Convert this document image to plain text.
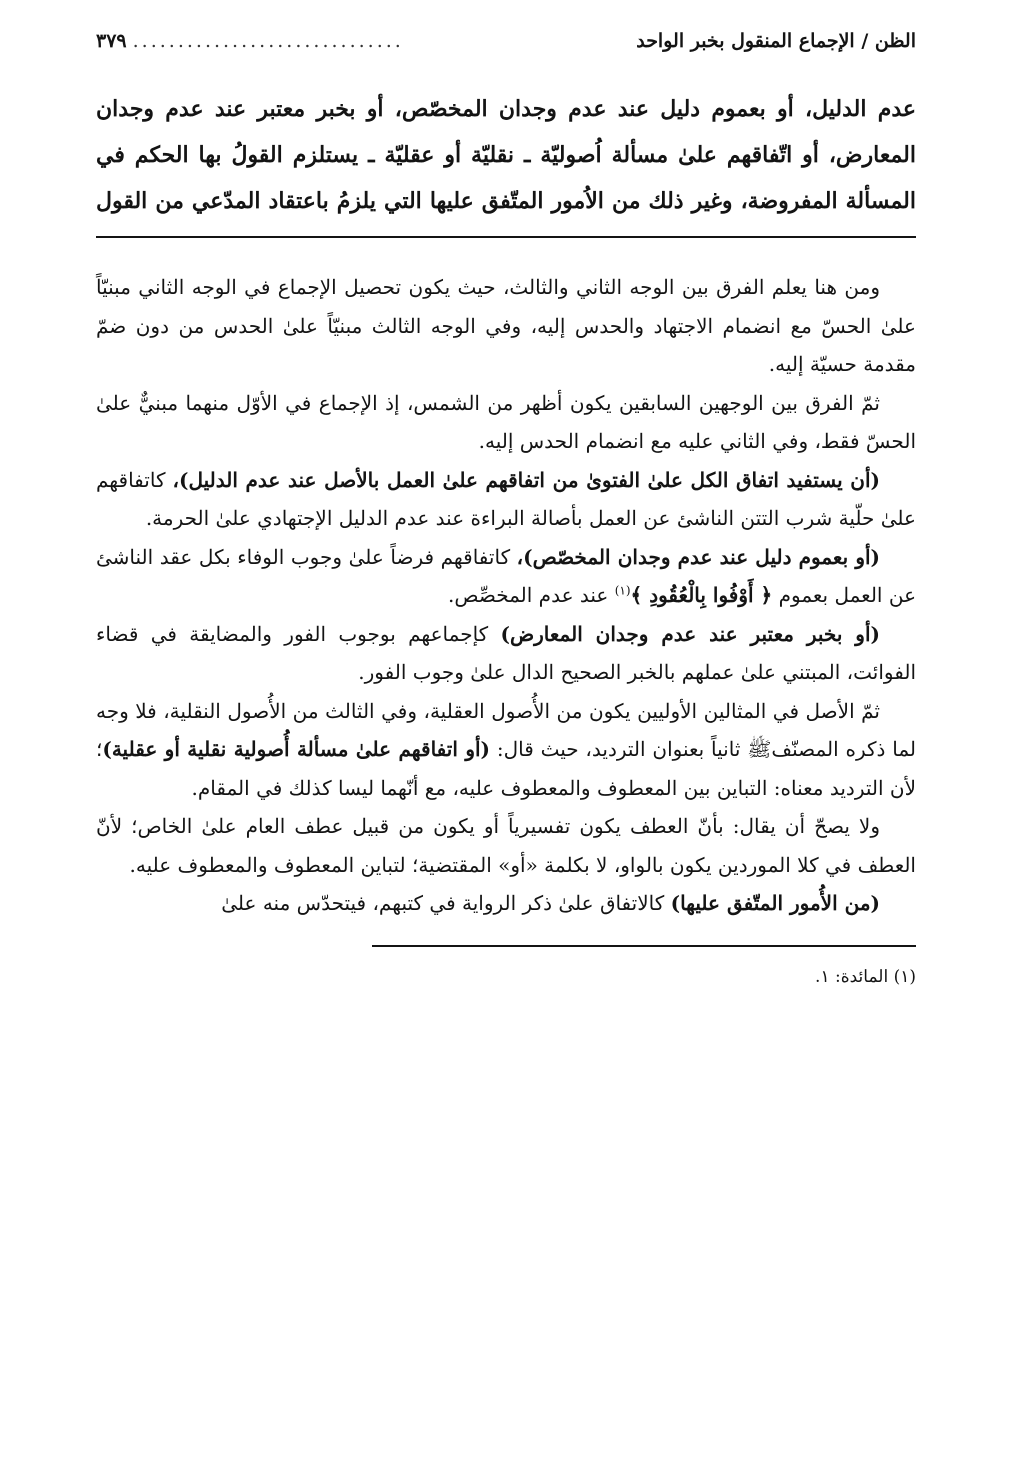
الظن / الإجماع المنقول بخبر الواحد
..............................
٣٧٩
عدم الدليل، أو بعموم دليل عند عدم وجدان المخصّص، أو بخبر معتبر عند عدم وجدان المعارض، أو اتّفاقهم علىٰ مسألة اُصوليّة ـ نقليّة أو عقليّة ـ يستلزم القولُ بها الحكم في المسألة المفروضة، وغير ذلك من الاُمور المتّفق عليها التي يلزمُ باعتقاد المدّعي من القول

ومن هنا يعلم الفرق بين الوجه الثاني والثالث، حيث يكون تحصيل الإجماع في الوجه الثاني مبنيّاً علىٰ الحسّ مع انضمام الاجتهاد والحدس إليه، وفي الوجه الثالث مبنيّاً علىٰ الحدس من دون ضمّ مقدمة حسيّة إليه.

ثمّ الفرق بين الوجهين السابقين يكون أظهر من الشمس، إذ الإجماع في الأوّل منهما مبنيٌّ علىٰ الحسّ فقط، وفي الثاني عليه مع انضمام الحدس إليه.

(أن يستفيد اتفاق الكل علىٰ الفتوىٰ من اتفاقهم علىٰ العمل بالأصل عند عدم الدليل)، كاتفاقهم علىٰ حلّية شرب التتن الناشئ عن العمل بأصالة البراءة عند عدم الدليل الإجتهادي علىٰ الحرمة.

(أو بعموم دليل عند عدم وجدان المخصّص)، كاتفاقهم فرضاً علىٰ وجوب الوفاء بكل عقد الناشئ عن العمل بعموم ﴿ أَوْفُوا بِالْعُقُودِ ﴾$^{(١)}$ عند عدم المخصِّص.

(أو بخبر معتبر عند عدم وجدان المعارض) كإجماعهم بوجوب الفور والمضايقة في قضاء الفوائت، المبتني علىٰ عملهم بالخبر الصحيح الدال علىٰ وجوب الفور.

ثمّ الأصل في المثالين الأوليين يكون من الأُصول العقلية، وفي الثالث من الأُصول النقلية، فلا وجه لما ذكره المصنّفﷺ ثانياً بعنوان الترديد، حيث قال: (أو اتفاقهم علىٰ مسألة أُصولية نقلية أو عقلية)؛ لأن الترديد معناه: التباين بين المعطوف والمعطوف عليه، مع أنّهما ليسا كذلك في المقام.

ولا يصحّ أن يقال: بأنّ العطف يكون تفسيرياً أو يكون من قبيل عطف العام علىٰ الخاص؛ لأنّ العطف في كلا الموردين يكون بالواو، لا بكلمة «أو» المقتضية؛ لتباين المعطوف والمعطوف عليه.

(من الأُمور المتّفق عليها) كالاتفاق علىٰ ذكر الرواية في كتبهم، فيتحدّس منه علىٰ

(١) المائدة: ١.
